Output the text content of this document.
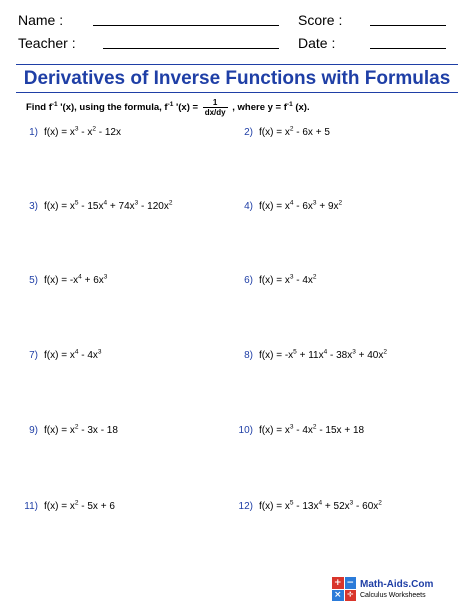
Name :	Score :
Teacher :	Date :
Derivatives of Inverse Functions with Formulas
Find $f^{-1}$ '(x), using the formula, $f^{-1}$ '$(x) = \frac{1}{dx/dy}$ , where $y = f^{-1}$ (x).
1) $f(x) = x^3 - x^2 - 12x$	2) $f(x) = x^2 - 6x + 5$
3) $f(x) = x^5 - 15x^4 + 74x^3 - 120x^2$	4) $f(x) = x^4 - 6x^3 + 9x^2$
5) $f(x) = -x^4 + 6x^3$	6) $f(x) = x^3 - 4x^2$
7) $f(x) = x^4 - 4x^3$	8) $f(x) = -x^5 + 11x^4 - 38x^3 + 40x^2$
9) $f(x) = x^2 - 3x - 18$	10) $f(x) = x^3 - 4x^2 - 15x + 18$
11) $f(x) = x^2 - 5x + 6$	12) $f(x) = x^5 - 13x^4 + 52x^3 - 60x^2$
+ −
× ÷
Math-Aids.Com
Calculus Worksheets
